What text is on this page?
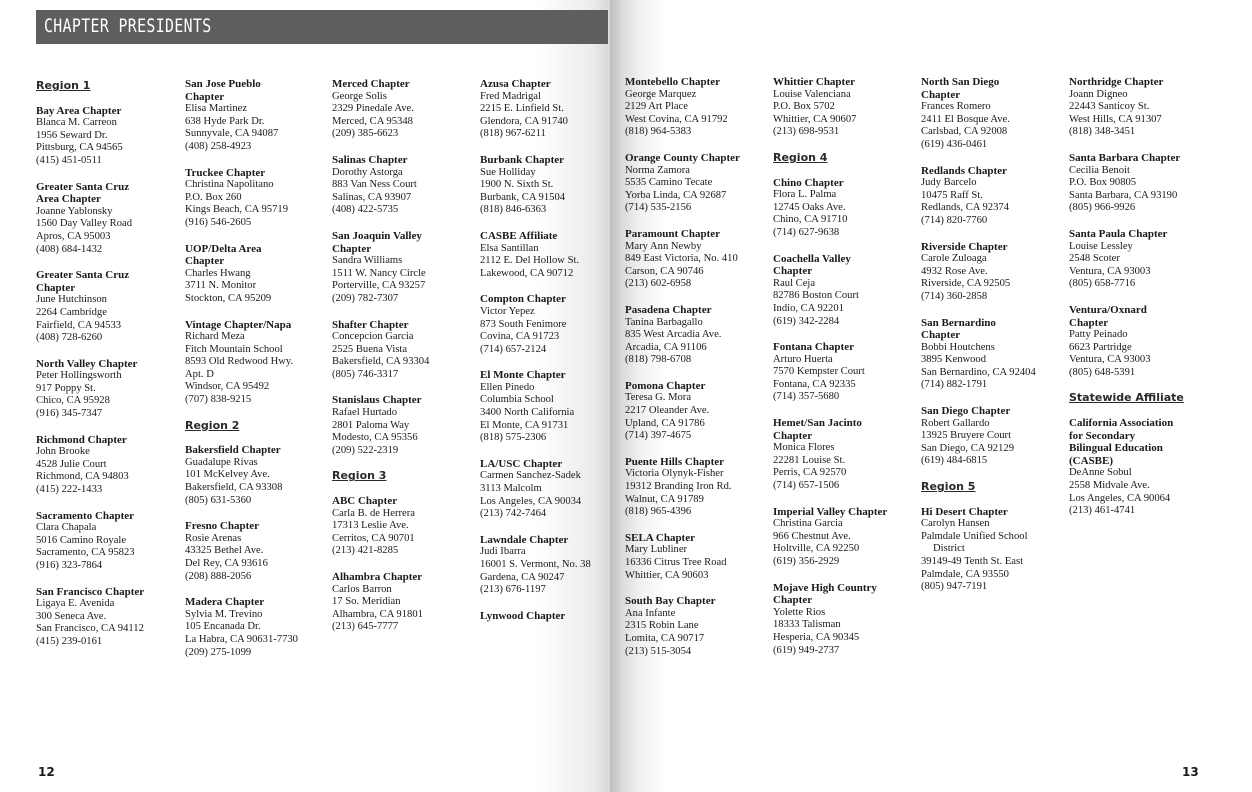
CHAPTER PRESIDENTS
Region 1
Bay Area Chapter
Blanca M. Carreon
1956 Seward Dr.
Pittsburg, CA 94565
(415) 451-0511
Greater Santa Cruz
Area Chapter
Joanne Yablonsky
1560 Day Valley Road
Apros, CA 95003
(408) 684-1432
Greater Santa Cruz
Chapter
June Hutchinson
2264 Cambridge
Fairfield, CA 94533
(408) 728-6260
North Valley Chapter
Peter Hollingsworth
917 Poppy St.
Chico, CA 95928
(916) 345-7347
Richmond Chapter
John Brooke
4528 Julie Court
Richmond, CA 94803
(415) 222-1433
Sacramento Chapter
Clara Chapala
5016 Camino Royale
Sacramento, CA 95823
(916) 323-7864
San Francisco Chapter
Ligaya E. Avenida
300 Seneca Ave.
San Francisco, CA 94112
(415) 239-0161
San Jose Pueblo
Chapter
Elisa Martinez
638 Hyde Park Dr.
Sunnyvale, CA 94087
(408) 258-4923
Truckee Chapter
Christina Napolitano
P.O. Box 260
Kings Beach, CA 95719
(916) 546-2605
UOP/Delta Area
Chapter
Charles Hwang
3711 N. Monitor
Stockton, CA 95209
Vintage Chapter/Napa
Richard Meza
Fitch Mountain School
8593 Old Redwood Hwy.
Apt. D
Windsor, CA 95492
(707) 838-9215
Region 2
Bakersfield Chapter
Guadalupe Rivas
101 McKelvey Ave.
Bakersfield, CA 93308
(805) 631-5360
Fresno Chapter
Rosie Arenas
43325 Bethel Ave.
Del Rey, CA 93616
(208) 888-2056
Madera Chapter
Sylvia M. Trevino
105 Encanada Dr.
La Habra, CA 90631-7730
(209) 275-1099
Merced Chapter
George Solis
2329 Pinedale Ave.
Merced, CA 95348
(209) 385-6623
Salinas Chapter
Dorothy Astorga
883 Van Ness Court
Salinas, CA 93907
(408) 422-5735
San Joaquin Valley
Chapter
Sandra Williams
1511 W. Nancy Circle
Porterville, CA 93257
(209) 782-7307
Shafter Chapter
Concepcion Garcia
2525 Buena Vista
Bakersfield, CA 93304
(805) 746-3317
Stanislaus Chapter
Rafael Hurtado
2801 Paloma Way
Modesto, CA 95356
(209) 522-2319
Region 3
ABC Chapter
Carla B. de Herrera
17313 Leslie Ave.
Cerritos, CA 90701
(213) 421-8285
Alhambra Chapter
Carlos Barron
17 So. Meridian
Alhambra, CA 91801
(213) 645-7777
Azusa Chapter
Fred Madrigal
2215 E. Linfield St.
Glendora, CA 91740
(818) 967-6211
Burbank Chapter
Sue Holliday
1900 N. Sixth St.
Burbank, CA 91504
(818) 846-6363
CASBE Affiliate
Elsa Santillan
2112 E. Del Hollow St.
Lakewood, CA 90712
Compton Chapter
Victor Yepez
873 South Fenimore
Covina, CA 91723
(714) 657-2124
El Monte Chapter
Ellen Pinedo
Columbia School
3400 North California
El Monte, CA 91731
(818) 575-2306
LA/USC Chapter
Carmen Sanchez-Sadek
3113 Malcolm
Los Angeles, CA 90034
(213) 742-7464
Lawndale Chapter
Judi Ibarra
16001 S. Vermont, No. 38
Gardena, CA 90247
(213) 676-1197
Lynwood Chapter
Montebello Chapter
George Marquez
2129 Art Place
West Covina, CA 91792
(818) 964-5383
Orange County Chapter
Norma Zamora
5535 Camino Tecate
Yorba Linda, CA 92687
(714) 535-2156
Paramount Chapter
Mary Ann Newby
849 East Victoria, No. 410
Carson, CA 90746
(213) 602-6958
Pasadena Chapter
Tanina Barbagallo
835 West Arcadia Ave.
Arcadia, CA 91106
(818) 798-6708
Pomona Chapter
Teresa G. Mora
2217 Oleander Ave.
Upland, CA 91786
(714) 397-4675
Puente Hills Chapter
Victoria Olynyk-Fisher
19312 Branding Iron Rd.
Walnut, CA 91789
(818) 965-4396
SELA Chapter
Mary Lubliner
16336 Citrus Tree Road
Whittier, CA 90603
South Bay Chapter
Ana Infante
2315 Robin Lane
Lomita, CA 90717
(213) 515-3054
Whittier Chapter
Louise Valenciana
P.O. Box 5702
Whittier, CA 90607
(213) 698-9531
Region 4
Chino Chapter
Flora L. Palma
12745 Oaks Ave.
Chino, CA 91710
(714) 627-9638
Coachella Valley
Chapter
Raul Ceja
82786 Boston Court
Indio, CA 92201
(619) 342-2284
Fontana Chapter
Arturo Huerta
7570 Kempster Court
Fontana, CA 92335
(714) 357-5680
Hemet/San Jacinto
Chapter
Monica Flores
22281 Louise St.
Perris, CA 92570
(714) 657-1506
Imperial Valley Chapter
Christina Garcia
966 Chestnut Ave.
Holtville, CA 92250
(619) 356-2929
Mojave High Country
Chapter
Yolette Rios
18333 Talisman
Hesperia, CA 90345
(619) 949-2737
North San Diego
Chapter
Frances Romero
2411 El Bosque Ave.
Carlsbad, CA 92008
(619) 436-0461
Redlands Chapter
Judy Barcelo
10475 Raff St.
Redlands, CA 92374
(714) 820-7760
Riverside Chapter
Carole Zuloaga
4932 Rose Ave.
Riverside, CA 92505
(714) 360-2858
San Bernardino
Chapter
Bobbi Houtchens
3895 Kenwood
San Bernardino, CA 92404
(714) 882-1791
San Diego Chapter
Robert Gallardo
13925 Bruyere Court
San Diego, CA 92129
(619) 484-6815
Region 5
Hi Desert Chapter
Carolyn Hansen
Palmdale Unified School
District
39149-49 Tenth St. East
Palmdale, CA 93550
(805) 947-7191
Northridge Chapter
Joann Digneo
22443 Santicoy St.
West Hills, CA 91307
(818) 348-3451
Santa Barbara Chapter
Cecilia Benoit
P.O. Box 90805
Santa Barbara, CA 93190
(805) 966-9926
Santa Paula Chapter
Louise Lessley
2548 Scoter
Ventura, CA 93003
(805) 658-7716
Ventura/Oxnard
Chapter
Patty Peinado
6623 Partridge
Ventura, CA 93003
(805) 648-5391
Statewide Affiliate
California Association
for Secondary
Bilingual Education
(CASBE)
DeAnne Sobul
2558 Midvale Ave.
Los Angeles, CA 90064
(213) 461-4741
12	13
